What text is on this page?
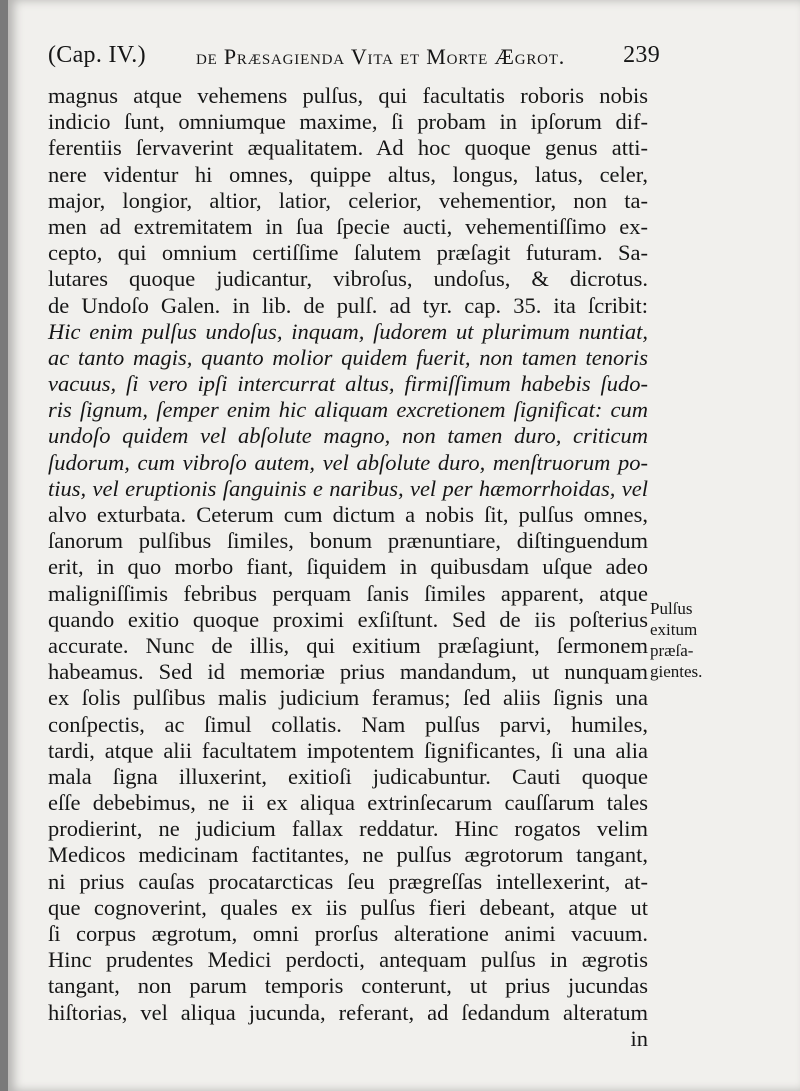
(Cap. IV.) de Præsagienda Vita et Morte Ægrot. 239
magnus atque vehemens pulſus, qui facultatis roboris nobis
indicio ſunt, omniumque maxime, ſi probam in ipſorum dif-
ferentiis ſervaverint æqualitatem. Ad hoc quoque genus atti-
nere videntur hi omnes, quippe altus, longus, latus, celer,
major, longior, altior, latior, celerior, vehementior, non ta-
men ad extremitatem in ſua ſpecie aucti, vehementiſſimo ex-
cepto, qui omnium certiſſime ſalutem præſagit futuram. Sa-
lutares quoque judicantur, vibroſus, undoſus, & dicrotus.
de Undoſo Galen. in lib. de pulſ. ad tyr. cap. 35. ita ſcribit:
Hic enim pulſus undoſus, inquam, ſudorem ut plurimum nuntiat,
ac tanto magis, quanto molior quidem fuerit, non tamen tenoris
vacuus, ſi vero ipſi intercurrat altus, firmiſſimum habebis ſudo-
ris ſignum, ſemper enim hic aliquam excretionem ſignificat: cum
undoſo quidem vel abſolute magno, non tamen duro, criticum
ſudorum, cum vibroſo autem, vel abſolute duro, menſtruorum po-
tius, vel eruptionis ſanguinis e naribus, vel per hæmorrhoidas, vel
alvo exturbata. Ceterum cum dictum a nobis ſit, pulſus omnes,
ſanorum pulſibus ſimiles, bonum prænuntiare, diſtinguendum
erit, in quo morbo fiant, ſiquidem in quibusdam uſque adeo
maligniſſimis febribus perquam ſanis ſimiles apparent, atque
quando exitio quoque proximi exſiſtunt. Sed de iis poſterius
accurate. Nunc de illis, qui exitium præſagiunt, ſermonem
habeamus. Sed id memoriæ prius mandandum, ut nunquam
ex ſolis pulſibus malis judicium feramus; ſed aliis ſignis una
conſpectis, ac ſimul collatis. Nam pulſus parvi, humiles,
tardi, atque alii facultatem impotentem ſignificantes, ſi una alia
mala ſigna illuxerint, exitioſi judicabuntur. Cauti quoque
eſſe debebimus, ne ii ex aliqua extrinſecarum cauſſarum tales
prodierint, ne judicium fallax reddatur. Hinc rogatos velim
Medicos medicinam factitantes, ne pulſus ægrotorum tangant,
ni prius cauſas procatarcticas ſeu prægreſſas intellexerint, at-
que cognoverint, quales ex iis pulſus fieri debeant, atque ut
ſi corpus ægrotum, omni prorſus alteratione animi vacuum.
Hinc prudentes Medici perdocti, antequam pulſus in ægrotis
tangant, non parum temporis conterunt, ut prius jucundas
hiſtorias, vel aliqua jucunda, referant, ad ſedandum alteratum
in
Pulſus
exitum
præſa-
gientes.
